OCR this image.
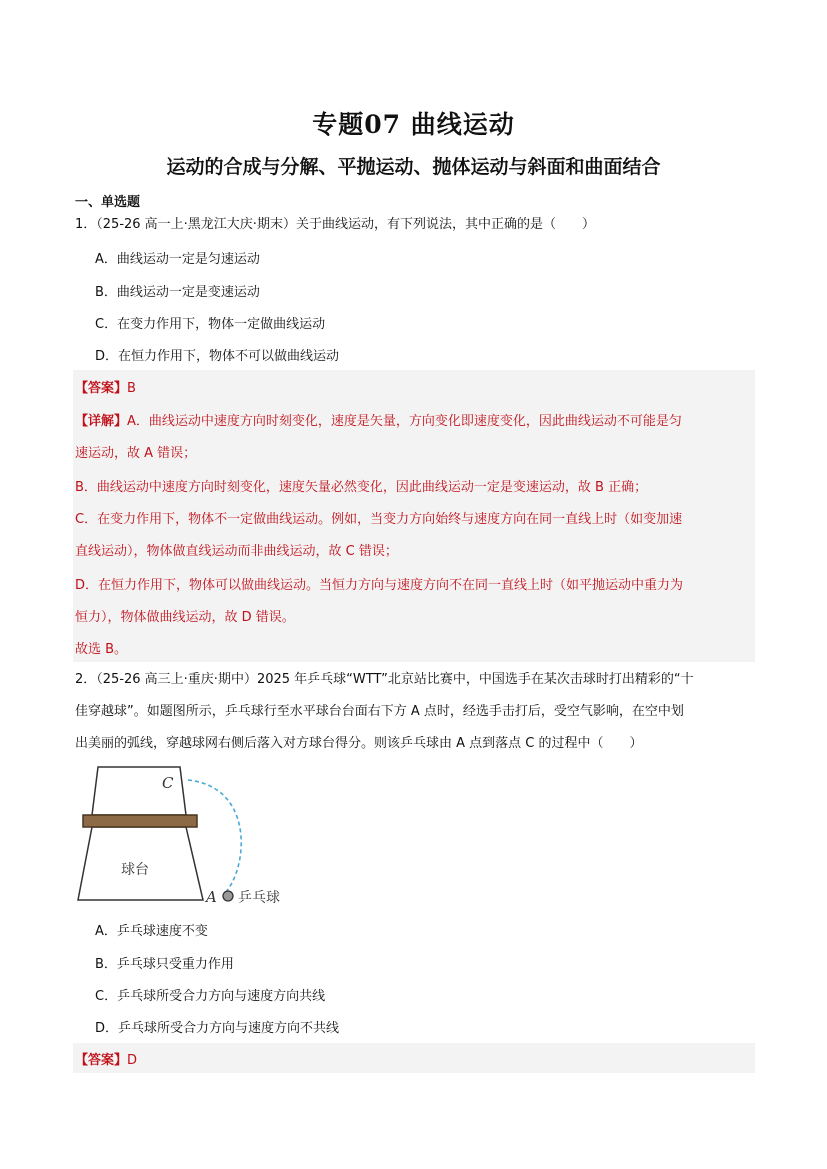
专题07 曲线运动
运动的合成与分解、平抛运动、抛体运动与斜面和曲面结合
一、单选题
1．（25-26 高一上·黑龙江大庆·期末）关于曲线运动，有下列说法，其中正确的是（　　）
A．曲线运动一定是匀速运动
B．曲线运动一定是变速运动
C．在变力作用下，物体一定做曲线运动
D．在恒力作用下，物体不可以做曲线运动
【答案】B
【详解】A．曲线运动中速度方向时刻变化，速度是矢量，方向变化即速度变化，因此曲线运动不可能是匀
速运动，故 A 错误；
B．曲线运动中速度方向时刻变化，速度矢量必然变化，因此曲线运动一定是变速运动，故 B 正确；
C．在变力作用下，物体不一定做曲线运动。例如，当变力方向始终与速度方向在同一直线上时（如变加速
直线运动），物体做直线运动而非曲线运动，故 C 错误；
D．在恒力作用下，物体可以做曲线运动。当恒力方向与速度方向不在同一直线上时（如平抛运动中重力为
恒力），物体做曲线运动，故 D 错误。
故选 B。
2．（25-26 高三上·重庆·期中）2025 年乒乓球“WTT”北京站比赛中，中国选手在某次击球时打出精彩的“十
佳穿越球”。如题图所示，乒乓球行至水平球台台面右下方 A 点时，经选手击打后，受空气影响，在空中划
出美丽的弧线，穿越球网右侧后落入对方球台得分。则该乒乓球由 A 点到落点 C 的过程中（　　）
C
A
球台
乒乓球
A．乒乓球速度不变
B．乒乓球只受重力作用
C．乒乓球所受合力方向与速度方向共线
D．乒乓球所受合力方向与速度方向不共线
【答案】D
